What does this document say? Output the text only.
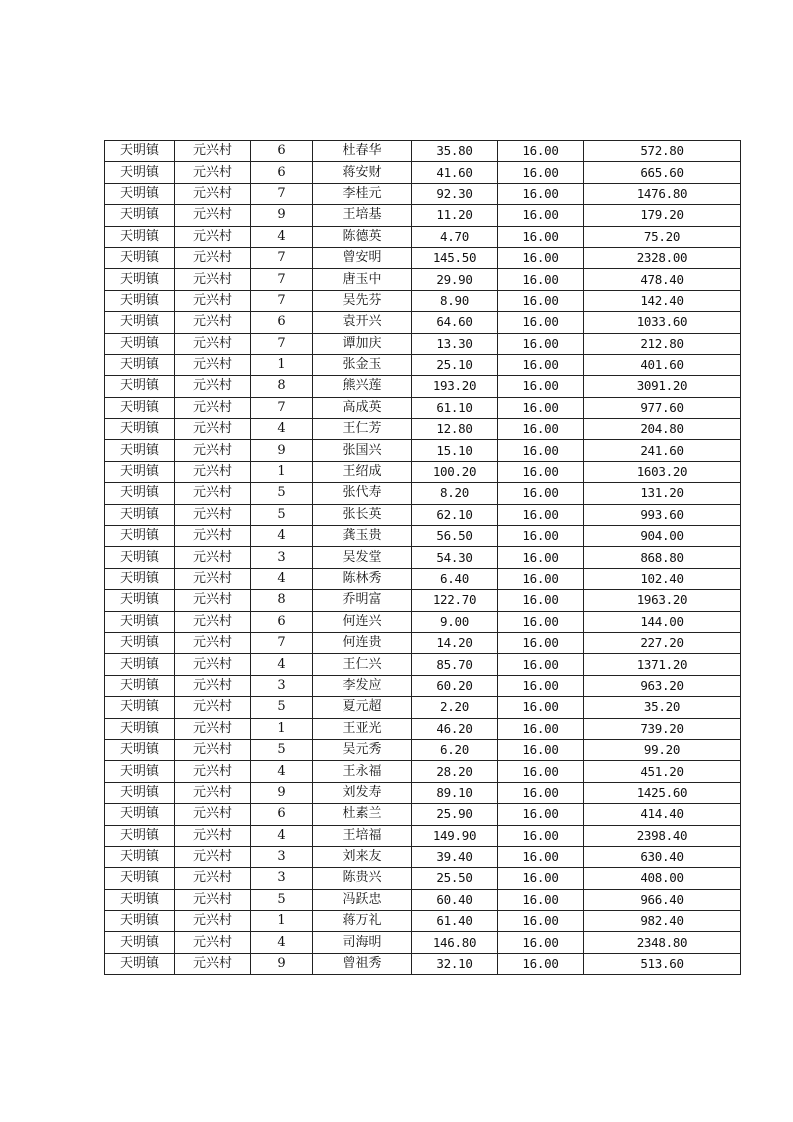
天明镇	元兴村	6	杜春华	35.80	16.00	572.80
天明镇	元兴村	6	蒋安财	41.60	16.00	665.60
天明镇	元兴村	7	李桂元	92.30	16.00	1476.80
天明镇	元兴村	9	王培基	11.20	16.00	179.20
天明镇	元兴村	4	陈德英	4.70	16.00	75.20
天明镇	元兴村	7	曾安明	145.50	16.00	2328.00
天明镇	元兴村	7	唐玉中	29.90	16.00	478.40
天明镇	元兴村	7	吴先芬	8.90	16.00	142.40
天明镇	元兴村	6	袁开兴	64.60	16.00	1033.60
天明镇	元兴村	7	谭加庆	13.30	16.00	212.80
天明镇	元兴村	1	张金玉	25.10	16.00	401.60
天明镇	元兴村	8	熊兴莲	193.20	16.00	3091.20
天明镇	元兴村	7	高成英	61.10	16.00	977.60
天明镇	元兴村	4	王仁芳	12.80	16.00	204.80
天明镇	元兴村	9	张国兴	15.10	16.00	241.60
天明镇	元兴村	1	王绍成	100.20	16.00	1603.20
天明镇	元兴村	5	张代寿	8.20	16.00	131.20
天明镇	元兴村	5	张长英	62.10	16.00	993.60
天明镇	元兴村	4	龚玉贵	56.50	16.00	904.00
天明镇	元兴村	3	吴发堂	54.30	16.00	868.80
天明镇	元兴村	4	陈林秀	6.40	16.00	102.40
天明镇	元兴村	8	乔明富	122.70	16.00	1963.20
天明镇	元兴村	6	何连兴	9.00	16.00	144.00
天明镇	元兴村	7	何连贵	14.20	16.00	227.20
天明镇	元兴村	4	王仁兴	85.70	16.00	1371.20
天明镇	元兴村	3	李发应	60.20	16.00	963.20
天明镇	元兴村	5	夏元超	2.20	16.00	35.20
天明镇	元兴村	1	王亚光	46.20	16.00	739.20
天明镇	元兴村	5	吴元秀	6.20	16.00	99.20
天明镇	元兴村	4	王永福	28.20	16.00	451.20
天明镇	元兴村	9	刘发寿	89.10	16.00	1425.60
天明镇	元兴村	6	杜素兰	25.90	16.00	414.40
天明镇	元兴村	4	王培福	149.90	16.00	2398.40
天明镇	元兴村	3	刘来友	39.40	16.00	630.40
天明镇	元兴村	3	陈贵兴	25.50	16.00	408.00
天明镇	元兴村	5	冯跃忠	60.40	16.00	966.40
天明镇	元兴村	1	蒋万礼	61.40	16.00	982.40
天明镇	元兴村	4	司海明	146.80	16.00	2348.80
天明镇	元兴村	9	曾祖秀	32.10	16.00	513.60
